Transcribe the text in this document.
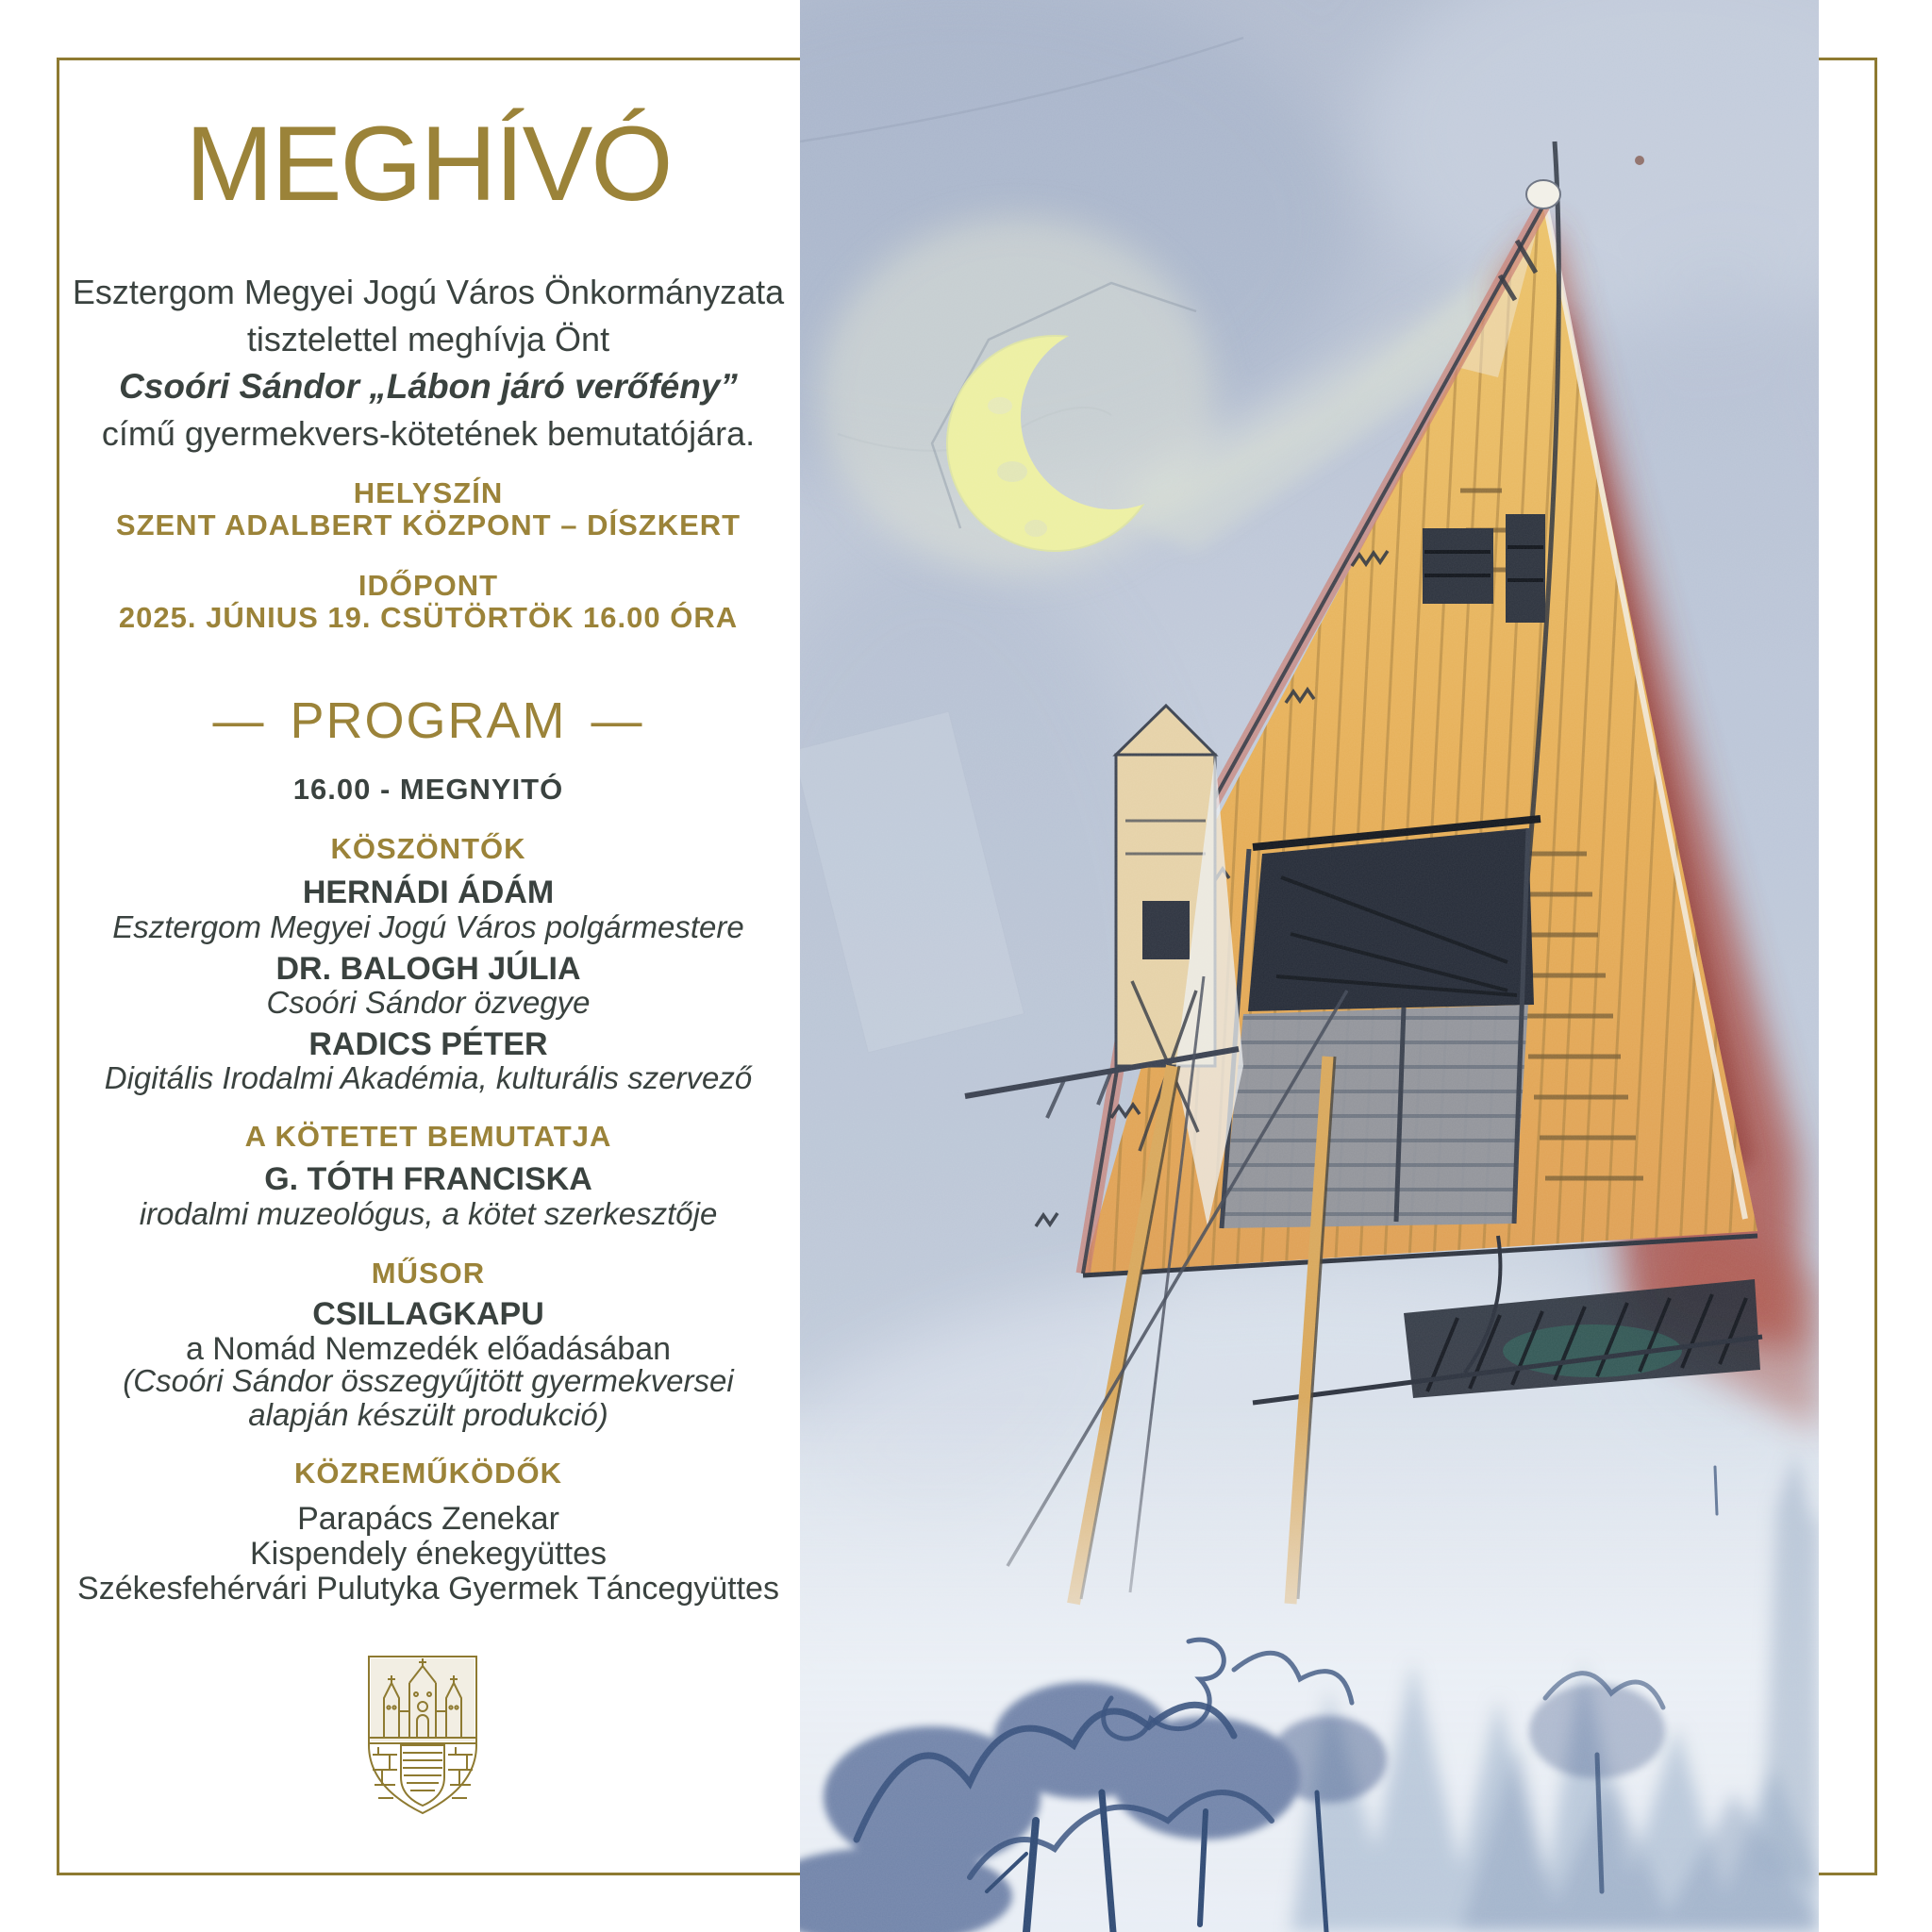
MEGHÍVÓ
Esztergom Megyei Jogú Város Önkormányzata
tisztelettel meghívja Önt
Csoóri Sándor „Lábon járó verőfény”
című gyermekvers-kötetének bemutatójára.
HELYSZÍN
SZENT ADALBERT KÖZPONT – DÍSZKERT
IDŐPONT
2025. JÚNIUS 19. CSÜTÖRTÖK 16.00 ÓRA
— PROGRAM —
16.00 - MEGNYITÓ
KÖSZÖNTŐK
HERNÁDI ÁDÁM
Esztergom Megyei Jogú Város polgármestere
DR. BALOGH JÚLIA
Csoóri Sándor özvegye
RADICS PÉTER
Digitális Irodalmi Akadémia, kulturális szervező
A KÖTETET BEMUTATJA
G. TÓTH FRANCISKA
irodalmi muzeológus, a kötet szerkesztője
MŰSOR
CSILLAGKAPU
a Nomád Nemzedék előadásában
(Csoóri Sándor összegyűjtött gyermekversei
alapján készült produkció)
KÖZREMŰKÖDŐK
Parapács Zenekar
Kispendely énekegyüttes
Székesfehérvári Pulutyka Gyermek Táncegyüttes
